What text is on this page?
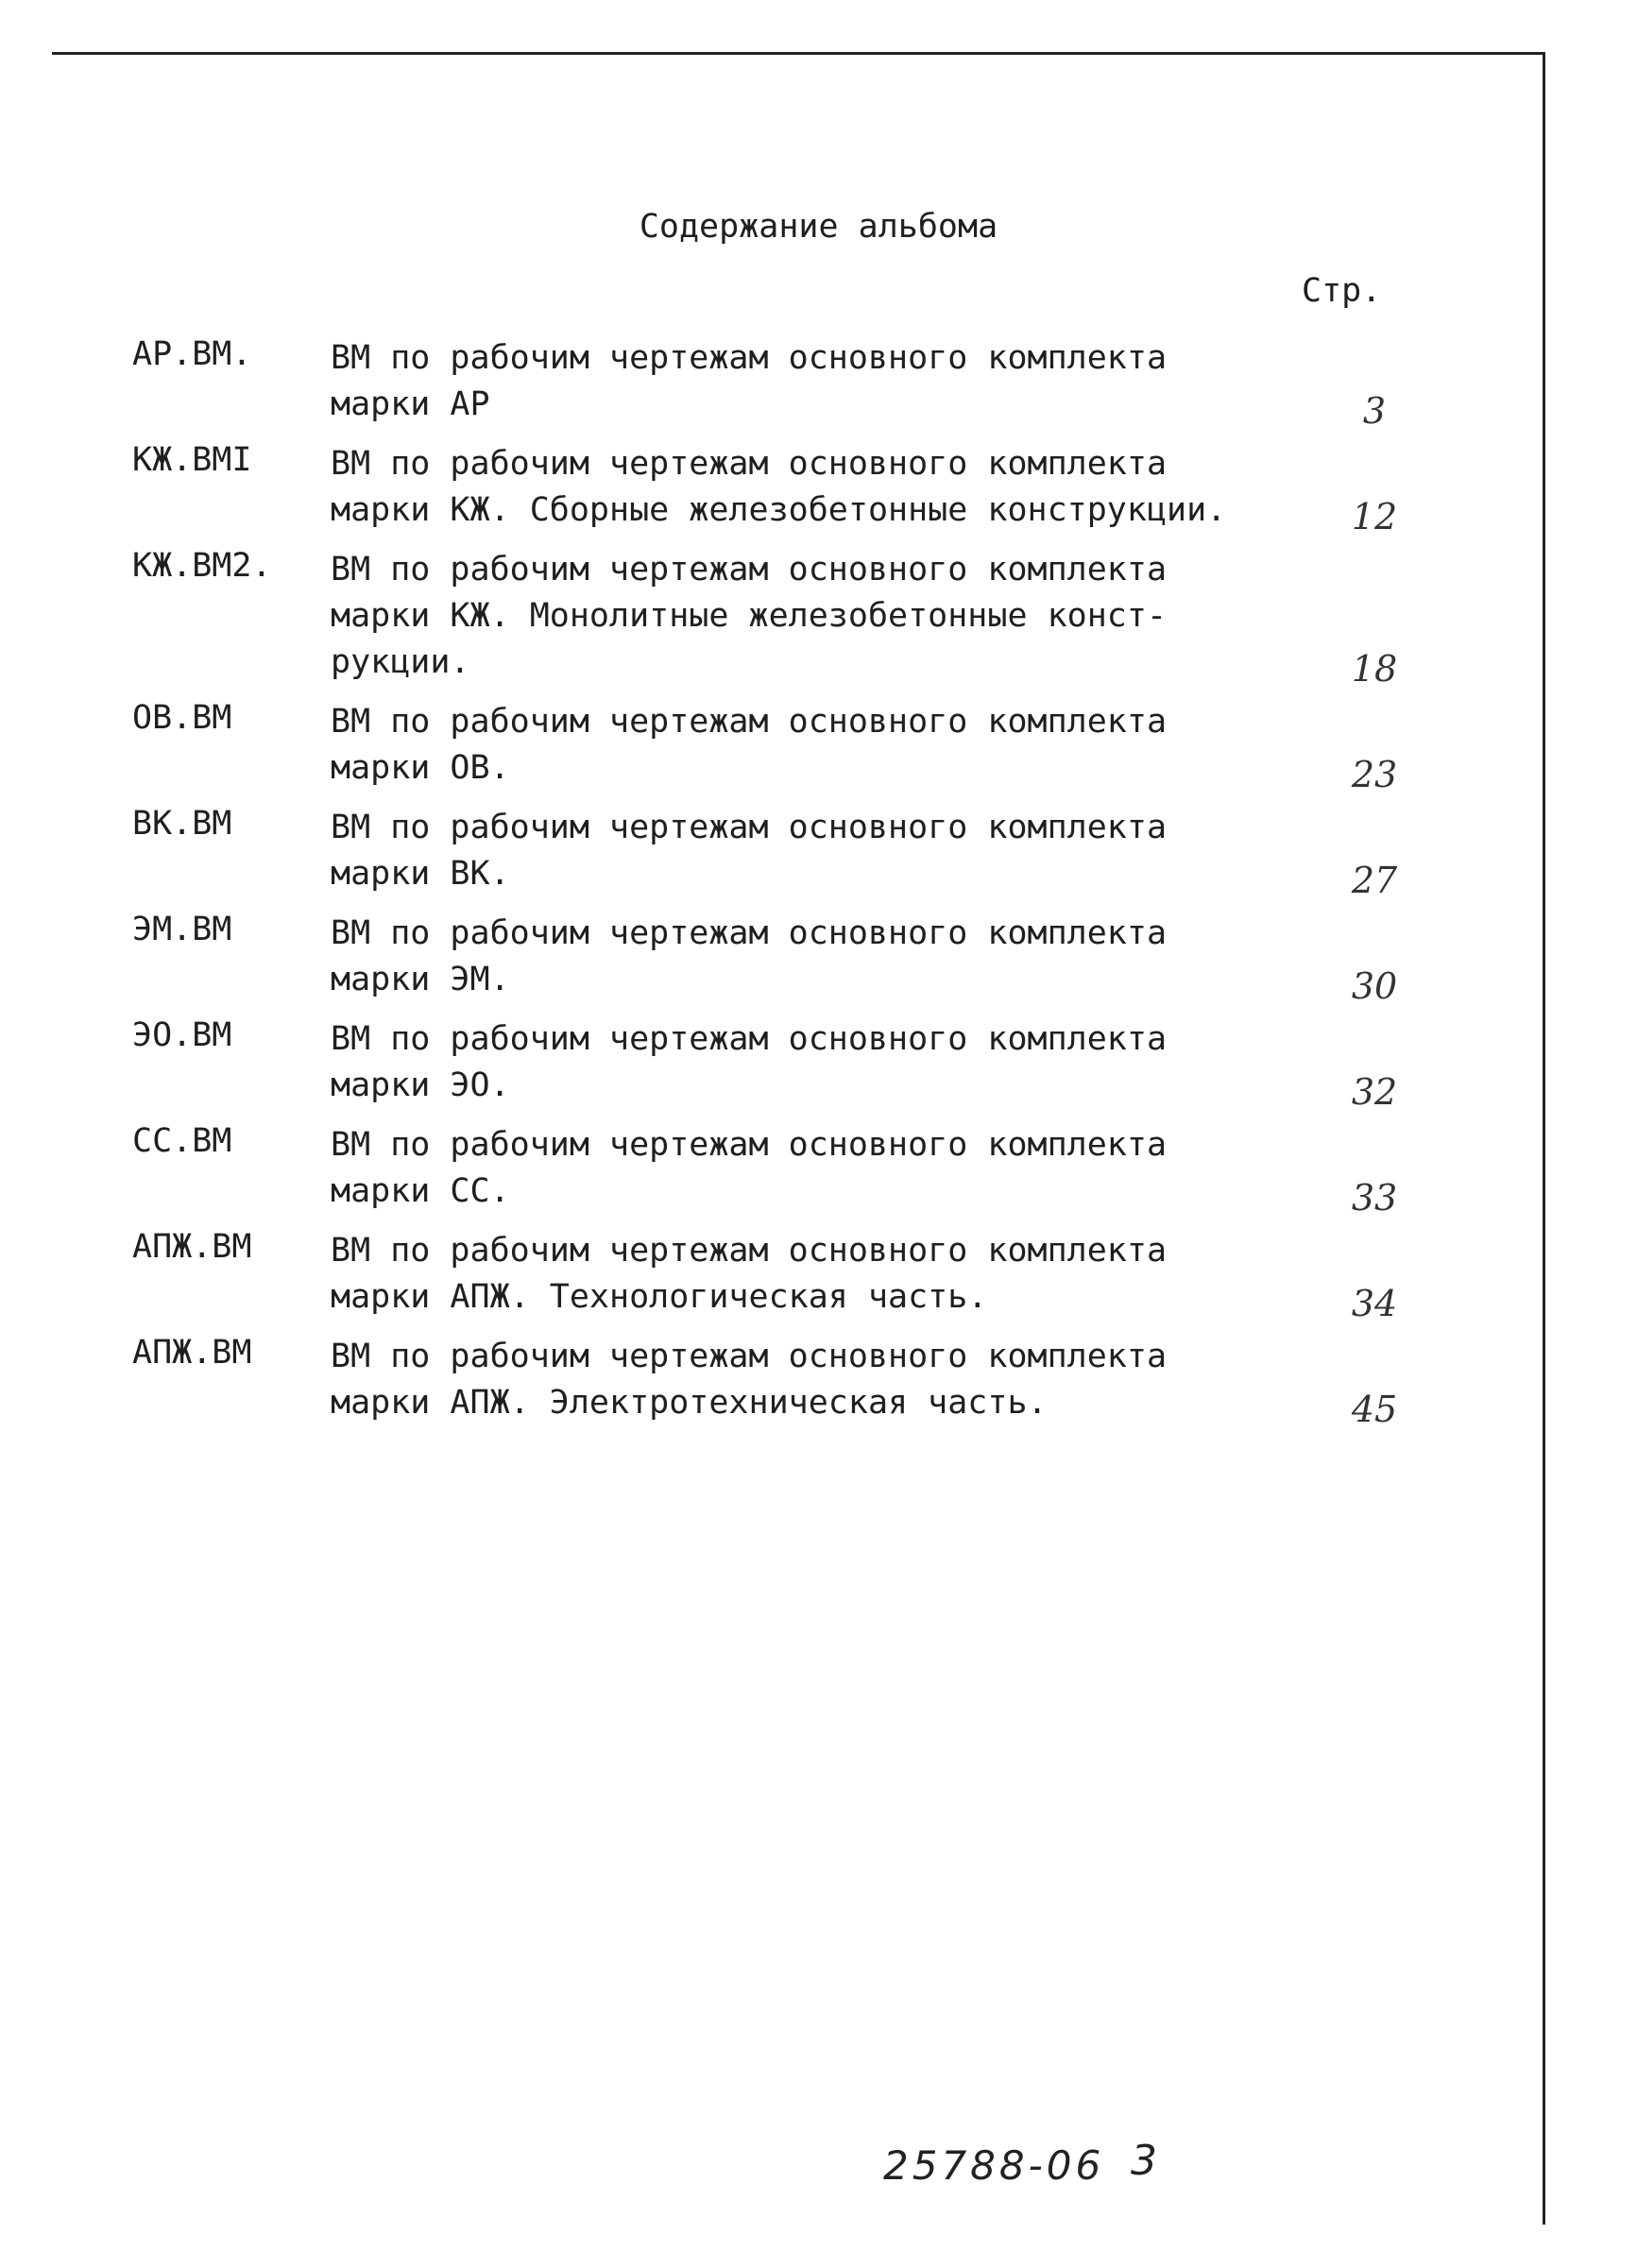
Содержание альбома
Стр.
АР.ВМ. ВМ по рабочим чертежам основного комплекта
марки АР	3
КЖ.ВМI ВМ по рабочим чертежам основного комплекта
марки КЖ. Сборные железобетонные конструкции.	12
КЖ.ВМ2. ВМ по рабочим чертежам основного комплекта
марки КЖ. Монолитные железобетонные конст-
рукции.	18
ОВ.ВМ	ВМ по рабочим чертежам основного комплекта
марки ОВ.	23
ВК.ВМ	ВМ по рабочим чертежам основного комплекта
марки ВК.	27
ЭМ.ВМ	ВМ по рабочим чертежам основного комплекта
марки ЭМ.	30
ЭО.ВМ	ВМ по рабочим чертежам основного комплекта
марки ЭО.	32
СС.ВМ	ВМ по рабочим чертежам основного комплекта
марки СС.	33
АПЖ.ВМ ВМ по рабочим чертежам основного комплекта
марки АПЖ. Технологическая часть.	34
АПЖ.ВМ ВМ по рабочим чертежам основного комплекта
марки АПЖ. Электротехническая часть.	45
25788-06 3
